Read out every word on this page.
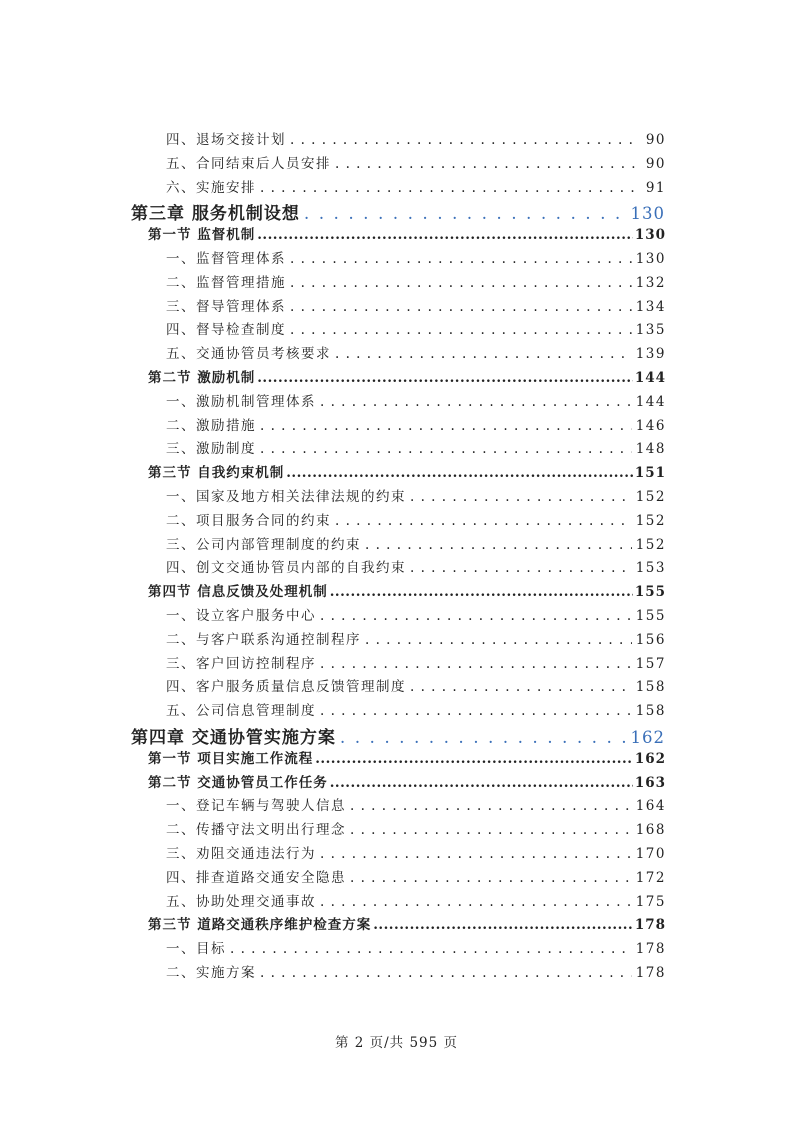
四、退场交接计划 . . .	90
五、合同结束后人员安排 . . .	90
六、实施安排 . . .	91
第三章 服务机制设想 . . .	130
第一节 监督机制 .....	130
一、监督管理体系 . . .	130
二、监督管理措施 . . .	132
三、督导管理体系 . . .	134
四、督导检查制度 . . .	135
五、交通协管员考核要求 . . .	139
第二节 激励机制 .....	144
一、激励机制管理体系 . . .	144
二、激励措施 . . .	146
三、激励制度 . . .	148
第三节 自我约束机制 .....	151
一、国家及地方相关法律法规的约束 . . .	152
二、项目服务合同的约束 . . .	152
三、公司内部管理制度的约束 . . .	152
四、创文交通协管员内部的自我约束 . . .	153
第四节 信息反馈及处理机制 .....	155
一、设立客户服务中心 . . .	155
二、与客户联系沟通控制程序 . . .	156
三、客户回访控制程序 . . .	157
四、客户服务质量信息反馈管理制度 . . .	158
五、公司信息管理制度 . . .	158
第四章 交通协管实施方案 . . .	162
第一节 项目实施工作流程 .....	162
第二节 交通协管员工作任务 .....	163
一、登记车辆与驾驶人信息 . . .	164
二、传播守法文明出行理念 . . .	168
三、劝阻交通违法行为 . . .	170
四、排查道路交通安全隐患 . . .	172
五、协助处理交通事故 . . .	175
第三节 道路交通秩序维护检查方案 .....	178
一、目标 . . .	178
二、实施方案 . . .	178
第 2 页/共 595 页
